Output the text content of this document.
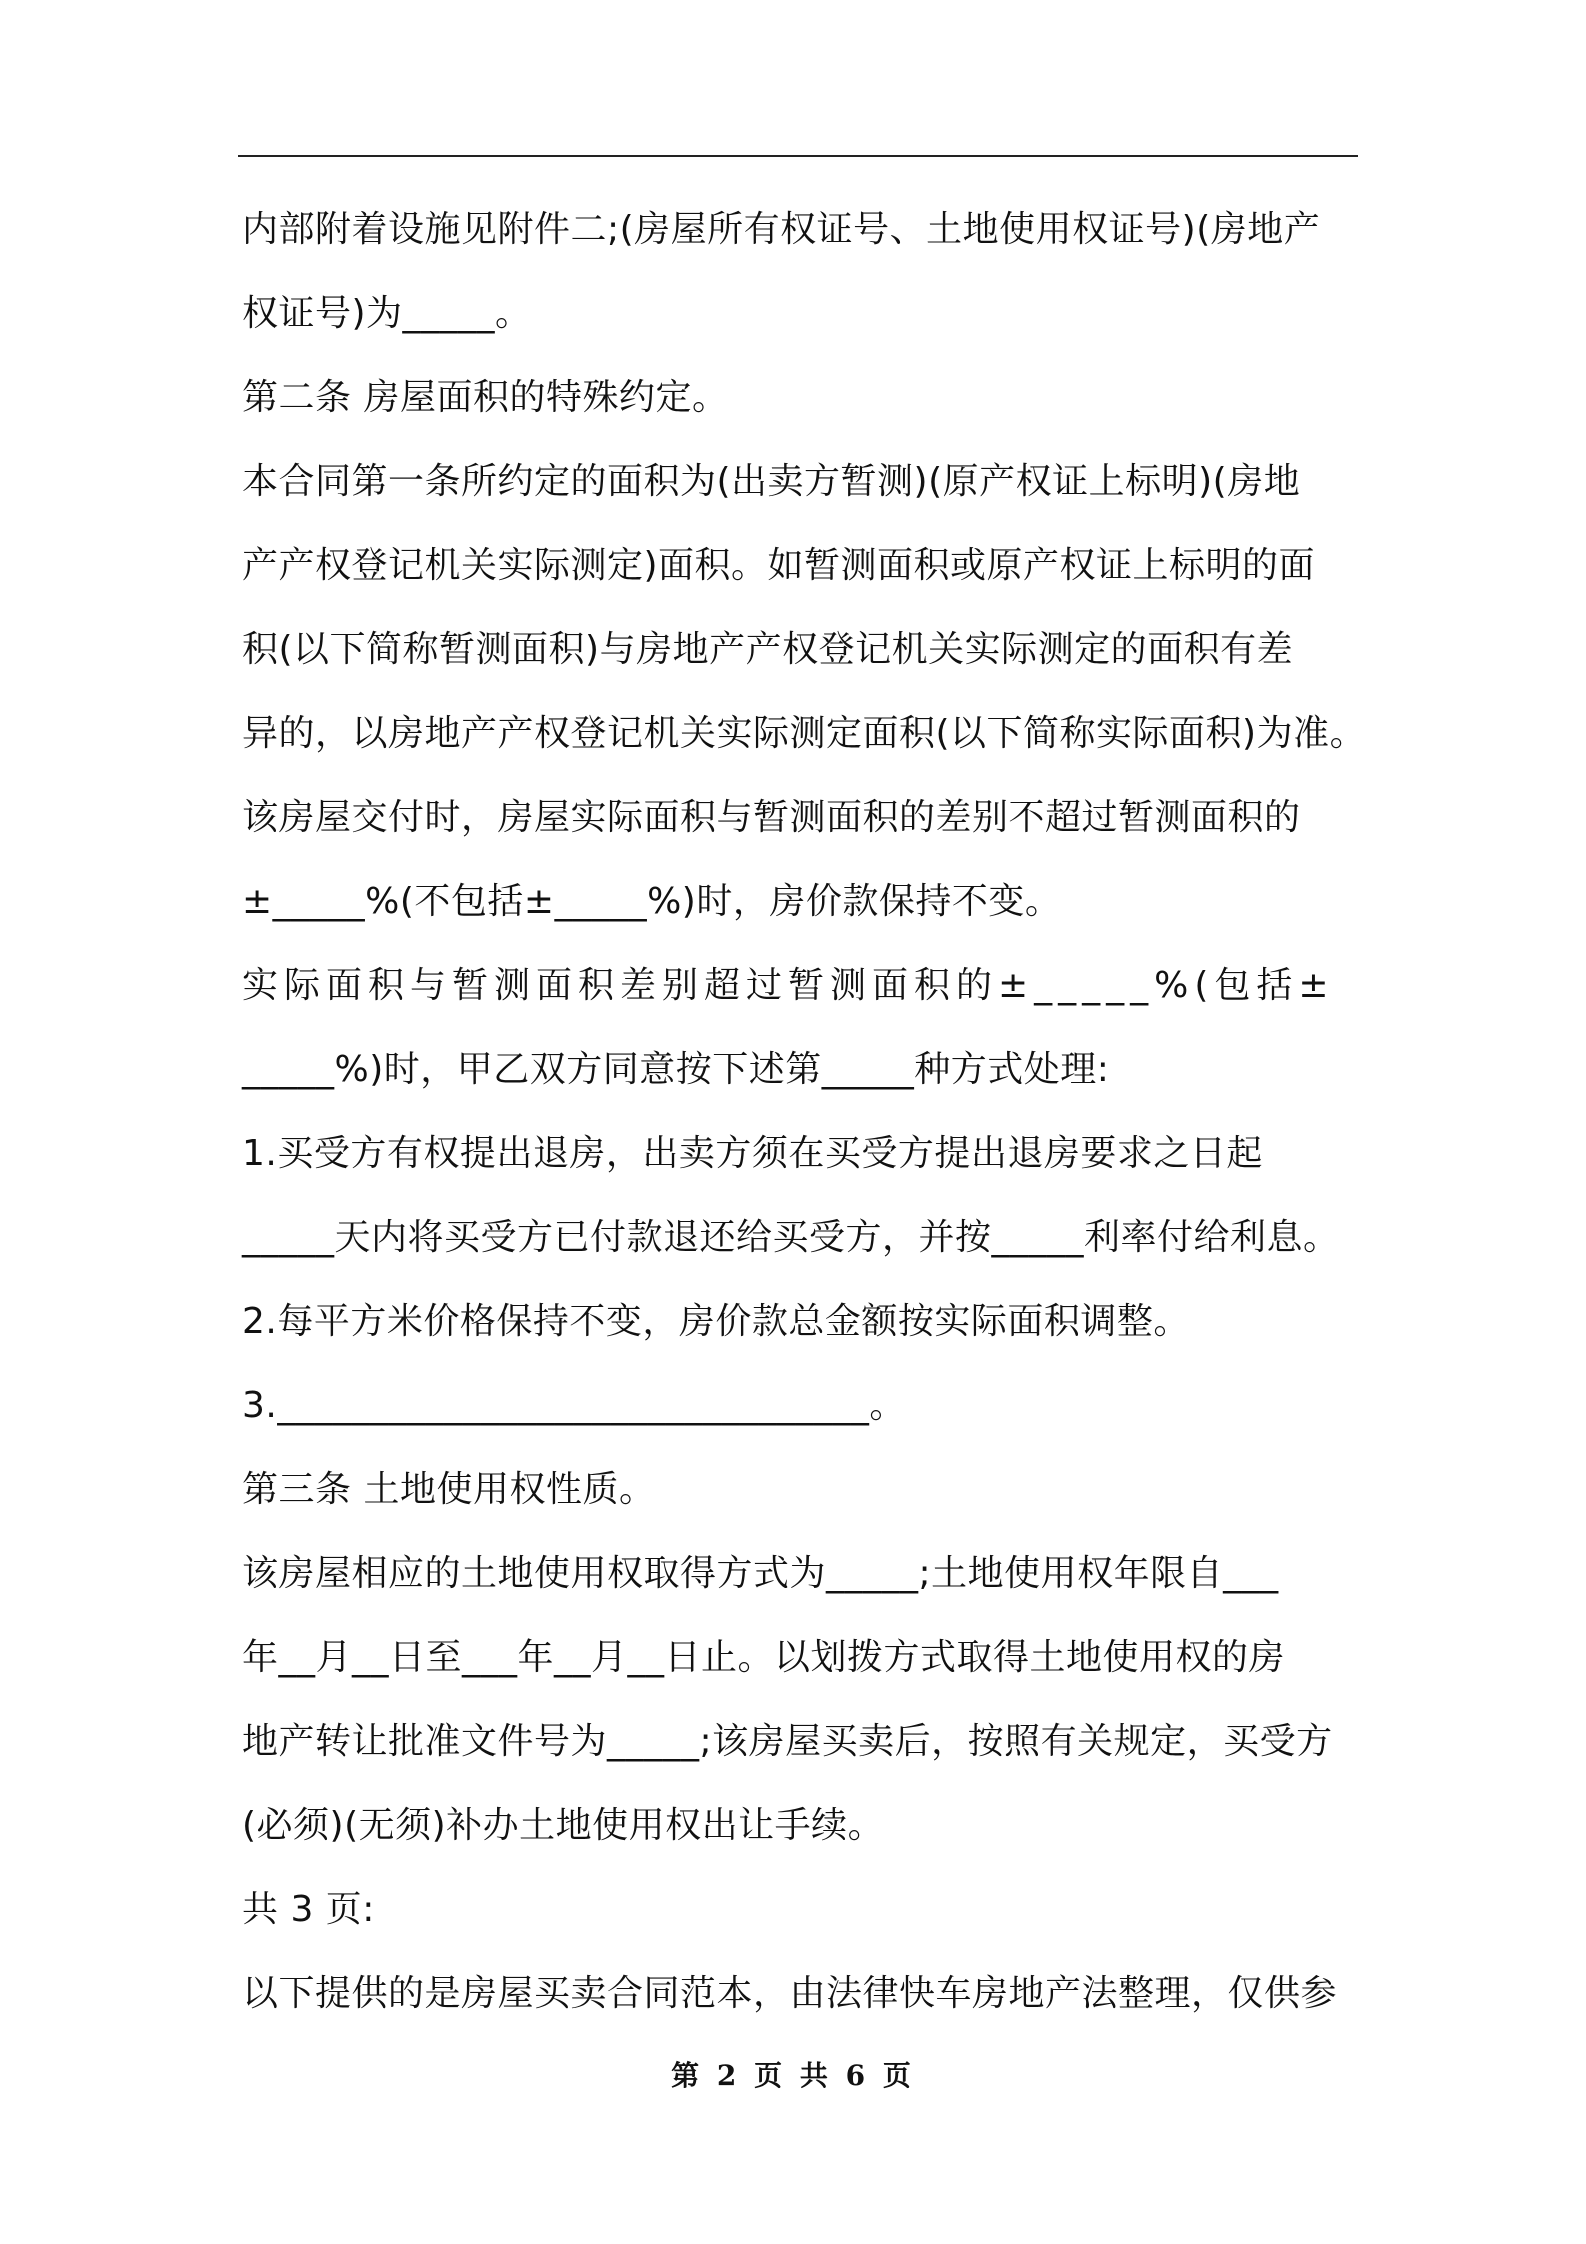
内部附着设施见附件二;(房屋所有权证号、土地使用权证号)(房地产
权证号)为_____。
第二条 房屋面积的特殊约定。
本合同第一条所约定的面积为(出卖方暂测)(原产权证上标明)(房地
产产权登记机关实际测定)面积。如暂测面积或原产权证上标明的面
积(以下简称暂测面积)与房地产产权登记机关实际测定的面积有差
异的，以房地产产权登记机关实际测定面积(以下简称实际面积)为准。
该房屋交付时，房屋实际面积与暂测面积的差别不超过暂测面积的
±_____%(不包括±_____%)时，房价款保持不变。
实际面积与暂测面积差别超过暂测面积的±_____%(包括±
_____%)时，甲乙双方同意按下述第_____种方式处理:
1.买受方有权提出退房，出卖方须在买受方提出退房要求之日起
_____天内将买受方已付款退还给买受方，并按_____利率付给利息。
2.每平方米价格保持不变，房价款总金额按实际面积调整。
3.________________________________。
第三条 土地使用权性质。
该房屋相应的土地使用权取得方式为_____;土地使用权年限自___
年__月__日至___年__月__日止。以划拨方式取得土地使用权的房
地产转让批准文件号为_____;该房屋买卖后，按照有关规定，买受方
(必须)(无须)补办土地使用权出让手续。
共 3 页:
以下提供的是房屋买卖合同范本，由法律快车房地产法整理，仅供参
第 2 页 共 6 页
